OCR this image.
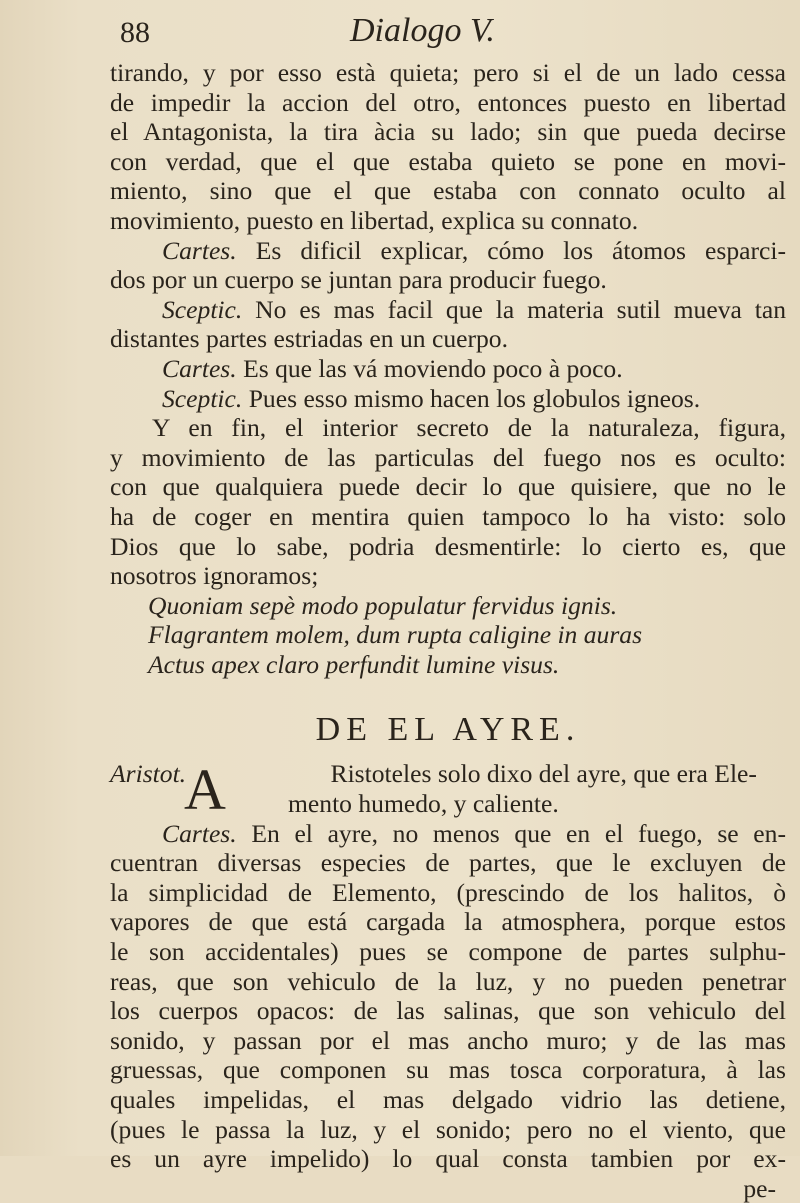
88	Dialogo V.
tirando, y por esso està quieta; pero si el de un lado cessa
de impedir la accion del otro, entonces puesto en libertad
el Antagonista, la tira àcia su lado; sin que pueda decirse
con verdad, que el que estaba quieto se pone en movi-
miento, sino que el que estaba con connato oculto al
movimiento, puesto en libertad, explica su connato.
Cartes. Es dificil explicar, cómo los átomos esparci-
dos por un cuerpo se juntan para producir fuego.
Sceptic. No es mas facil que la materia sutil mueva tan
distantes partes estriadas en un cuerpo.
Cartes. Es que las vá moviendo poco à poco.
Sceptic. Pues esso mismo hacen los globulos igneos.
Y en fin, el interior secreto de la naturaleza, figura,
y movimiento de las particulas del fuego nos es oculto:
con que qualquiera puede decir lo que quisiere, que no le
ha de coger en mentira quien tampoco lo ha visto: solo
Dios que lo sabe, podria desmentirle: lo cierto es, que
nosotros ignoramos;
Quoniam sepè modo populatur fervidus ignis.
Flagrantem molem, dum rupta caligine in auras
Actus apex claro perfundit lumine visus.
DE EL AYRE.
Aristot.
A	Ristoteles solo dixo del ayre, que era Ele-
mento humedo, y caliente.
Cartes. En el ayre, no menos que en el fuego, se en-
cuentran diversas especies de partes, que le excluyen de
la simplicidad de Elemento, (prescindo de los halitos, ò
vapores de que está cargada la atmosphera, porque estos
le son accidentales) pues se compone de partes sulphu-
reas, que son vehiculo de la luz, y no pueden penetrar
los cuerpos opacos: de las salinas, que son vehiculo del
sonido, y passan por el mas ancho muro; y de las mas
gruessas, que componen su mas tosca corporatura, à las
quales impelidas, el mas delgado vidrio las detiene,
(pues le passa la luz, y el sonido; pero no el viento, que
es un ayre impelido) lo qual consta tambien por ex-
pe-
